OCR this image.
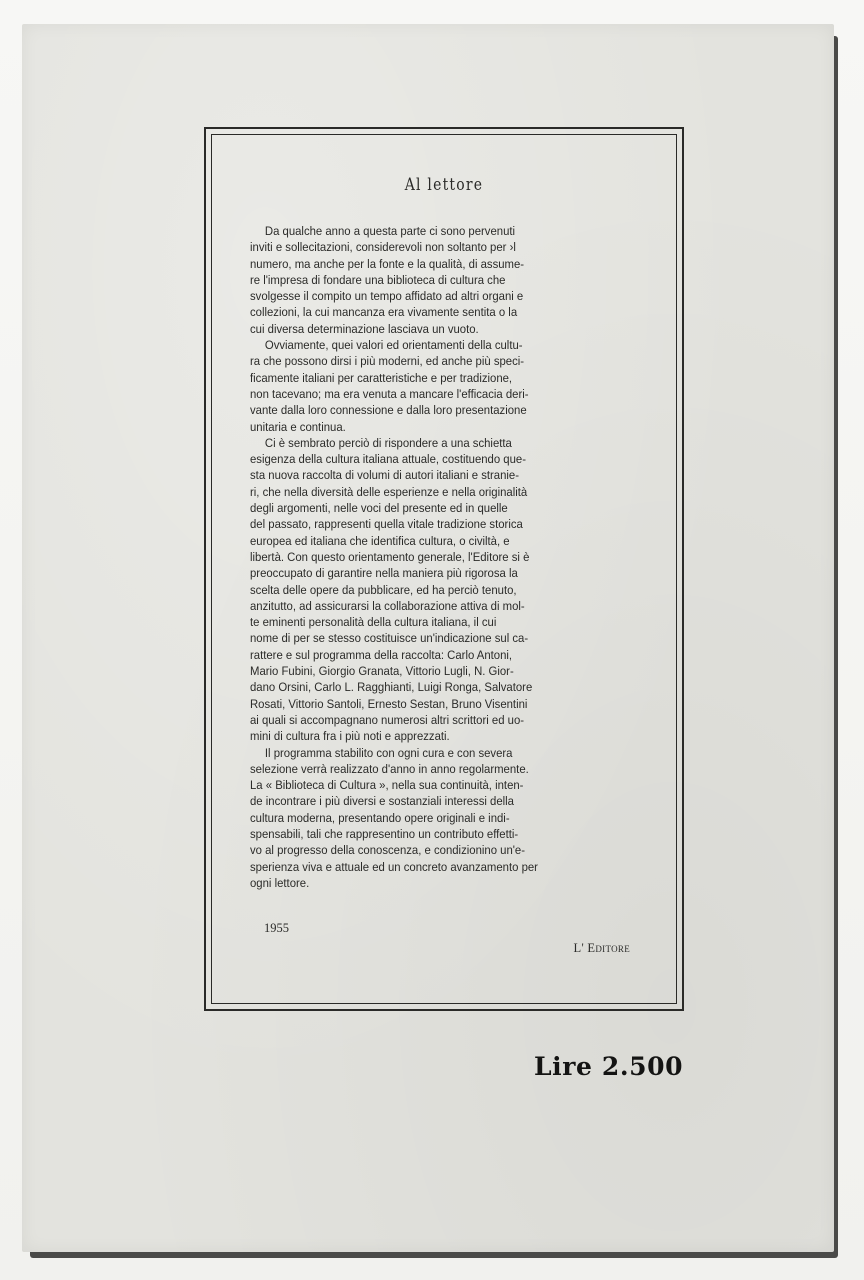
Al lettore
Da qualche anno a questa parte ci sono pervenuti
inviti e sollecitazioni, considerevoli non soltanto per ›l
numero, ma anche per la fonte e la qualità, di assume-
re l'impresa di fondare una biblioteca di cultura che
svolgesse il compito un tempo affidato ad altri organi e
collezioni, la cui mancanza era vivamente sentita o la
cui diversa determinazione lasciava un vuoto.
Ovviamente, quei valori ed orientamenti della cultu-
ra che possono dirsi i più moderni, ed anche più speci-
ficamente italiani per caratteristiche e per tradizione,
non tacevano; ma era venuta a mancare l'efficacia deri-
vante dalla loro connessione e dalla loro presentazione
unitaria e continua.
Ci è sembrato perciò di rispondere a una schietta
esigenza della cultura italiana attuale, costituendo que-
sta nuova raccolta di volumi di autori italiani e stranie-
ri, che nella diversità delle esperienze e nella originalità
degli argomenti, nelle voci del presente ed in quelle
del passato, rappresenti quella vitale tradizione storica
europea ed italiana che identifica cultura, o civiltà, e
libertà. Con questo orientamento generale, l'Editore si è
preoccupato di garantire nella maniera più rigorosa la
scelta delle opere da pubblicare, ed ha perciò tenuto,
anzitutto, ad assicurarsi la collaborazione attiva di mol-
te eminenti personalità della cultura italiana, il cui
nome di per se stesso costituisce un'indicazione sul ca-
rattere e sul programma della raccolta: Carlo Antoni,
Mario Fubini, Giorgio Granata, Vittorio Lugli, N. Gior-
dano Orsini, Carlo L. Ragghianti, Luigi Ronga, Salvatore
Rosati, Vittorio Santoli, Ernesto Sestan, Bruno Visentini
ai quali si accompagnano numerosi altri scrittori ed uo-
mini di cultura fra i più noti e apprezzati.
Il programma stabilito con ogni cura e con severa
selezione verrà realizzato d'anno in anno regolarmente.
La « Biblioteca di Cultura », nella sua continuità, inten-
de incontrare i più diversi e sostanziali interessi della
cultura moderna, presentando opere originali e indi-
spensabili, tali che rappresentino un contributo effetti-
vo al progresso della conoscenza, e condizionino un'e-
sperienza viva e attuale ed un concreto avanzamento per
ogni lettore.
1955
L' Editore
Lire 2.500
